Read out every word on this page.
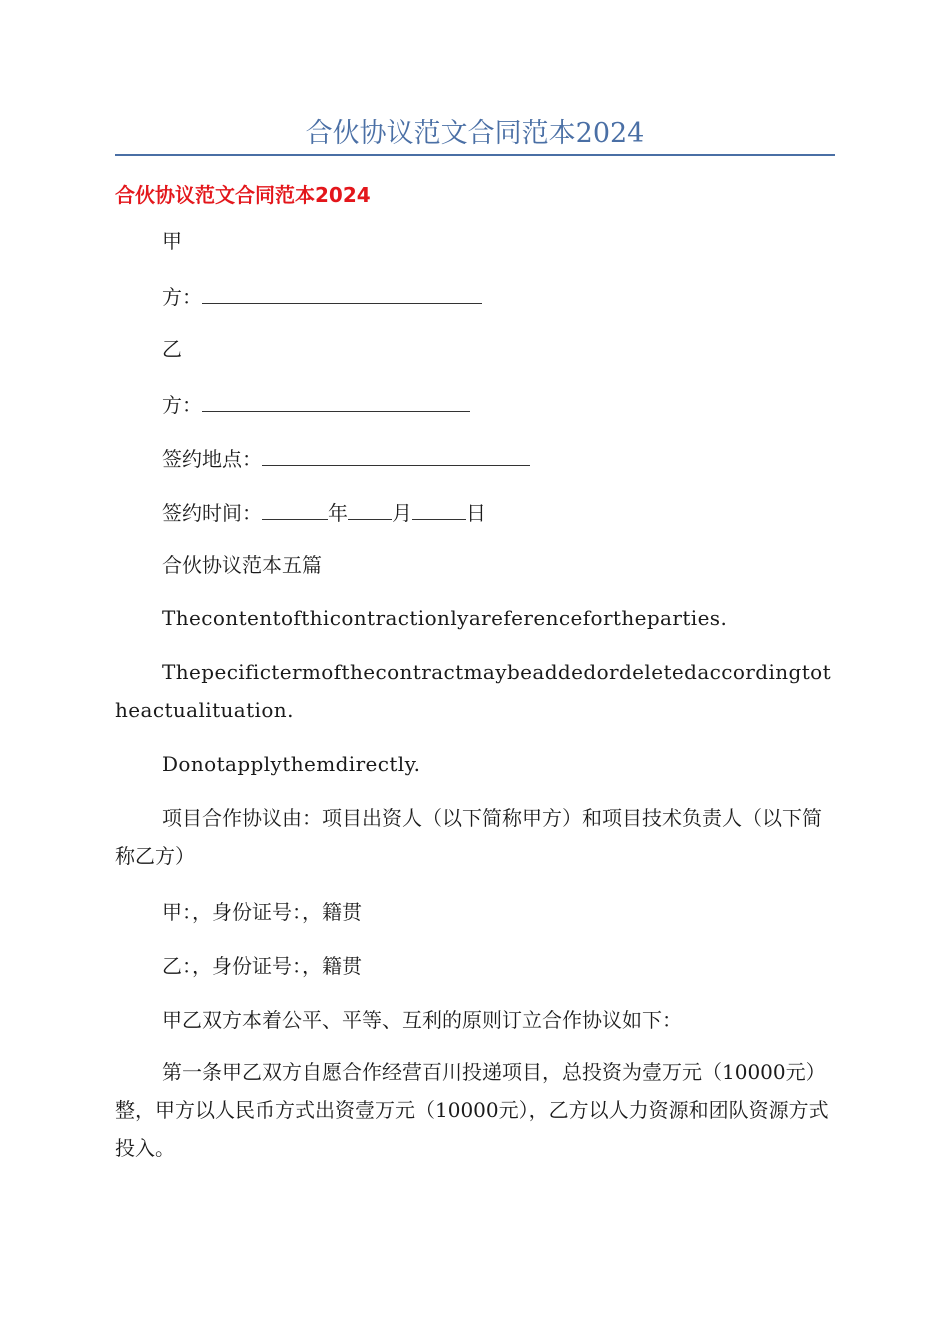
合伙协议范文合同范本2024
合伙协议范文合同范本2024
甲
方：
乙
方：
签约地点：
签约时间：	年 月	日
合伙协议范本五篇
Thecontentofthicontractionlyareferencefortheparties.
Thepecifictermofthecontractmaybeaddedordeletedaccordingtotheactualituation.
Donotapplythemdirectly.
项目合作协议由：项目出资人（以下简称甲方）和项目技术负责人（以下简称乙方）
甲：，身份证号：，籍贯
乙：，身份证号：，籍贯
甲乙双方本着公平、平等、互利的原则订立合作协议如下：
第一条甲乙双方自愿合作经营百川投递项目，总投资为壹万元（10000元）整，甲方以人民币方式出资壹万元（10000元），乙方以人力资源和团队资源方式投入。
